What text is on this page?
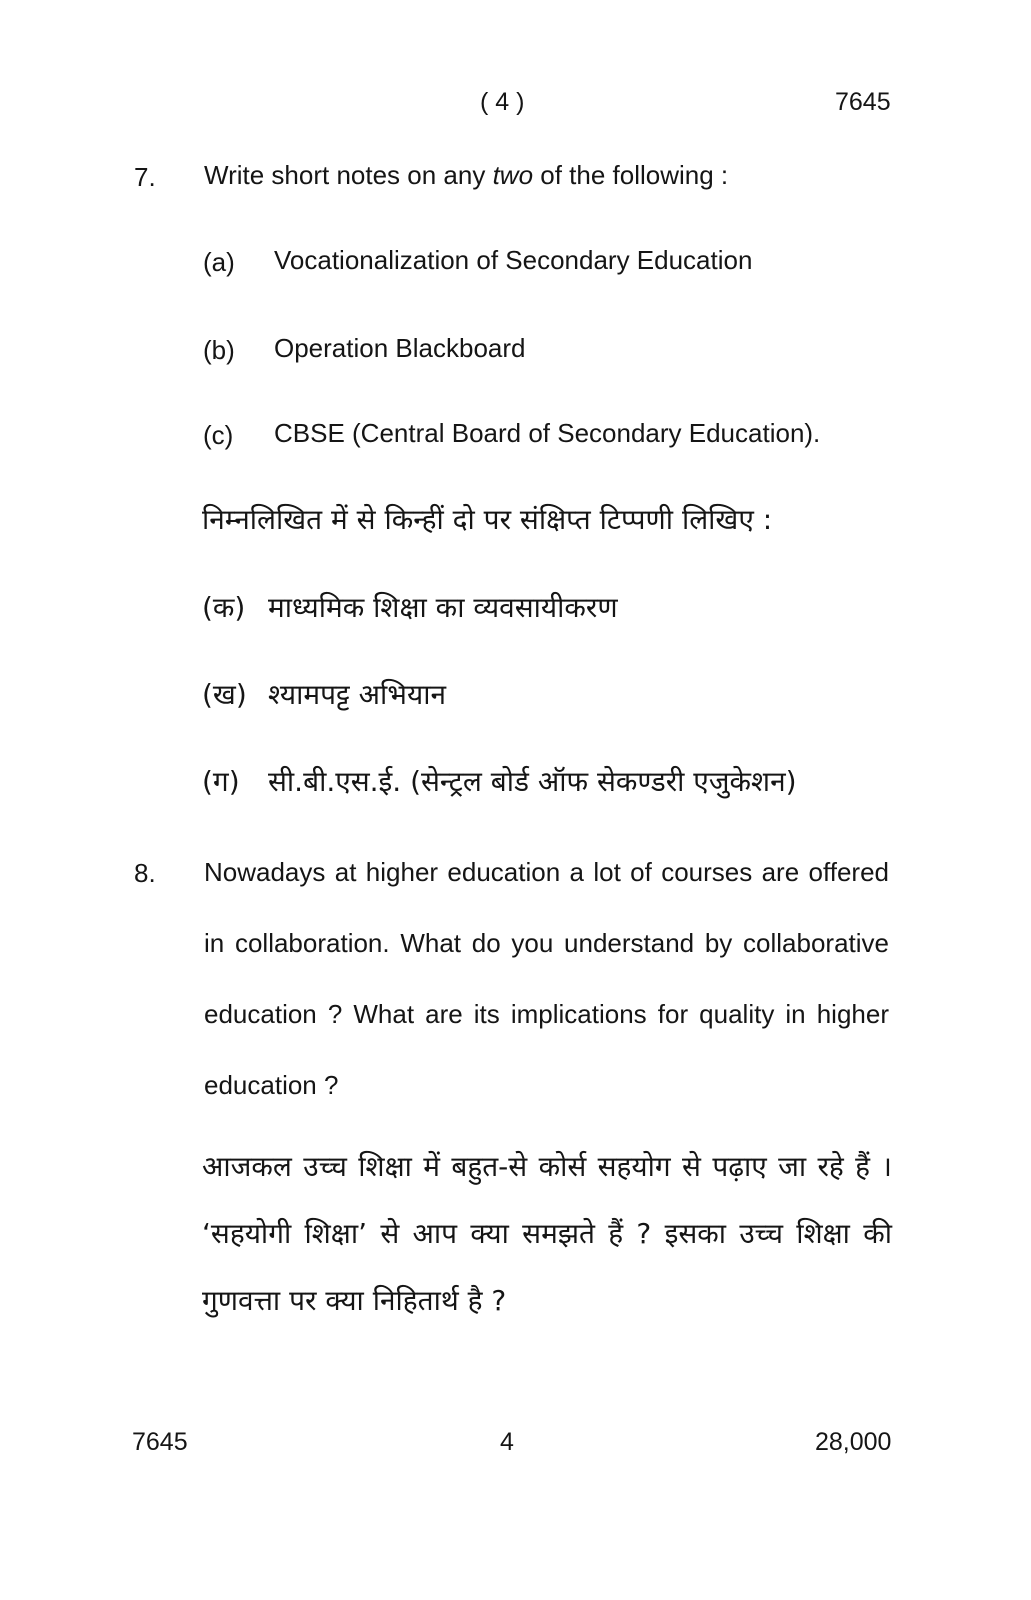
( 4 )	7645
7. Write short notes on any two of the following :
(a) Vocationalization of Secondary Education
(b) Operation Blackboard
(c) CBSE (Central Board of Secondary Education).
निम्नलिखित में से किन्हीं दो पर संक्षिप्त टिप्पणी लिखिए :
(क) माध्यमिक शिक्षा का व्यवसायीकरण
(ख) श्यामपट्ट अभियान
(ग) सी.बी.एस.ई. (सेन्ट्रल बोर्ड ऑफ सेकण्डरी एजुकेशन)
8. Nowadays at higher education a lot of courses are offered in collaboration. What do you understand by collaborative education ? What are its implications for quality in higher education ?
आजकल उच्च शिक्षा में बहुत-से कोर्स सहयोग से पढ़ाए जा रहे हैं । ‘सहयोगी शिक्षा’ से आप क्या समझते हैं ? इसका उच्च शिक्षा की गुणवत्ता पर क्या निहितार्थ है ?
7645	4	28,000
